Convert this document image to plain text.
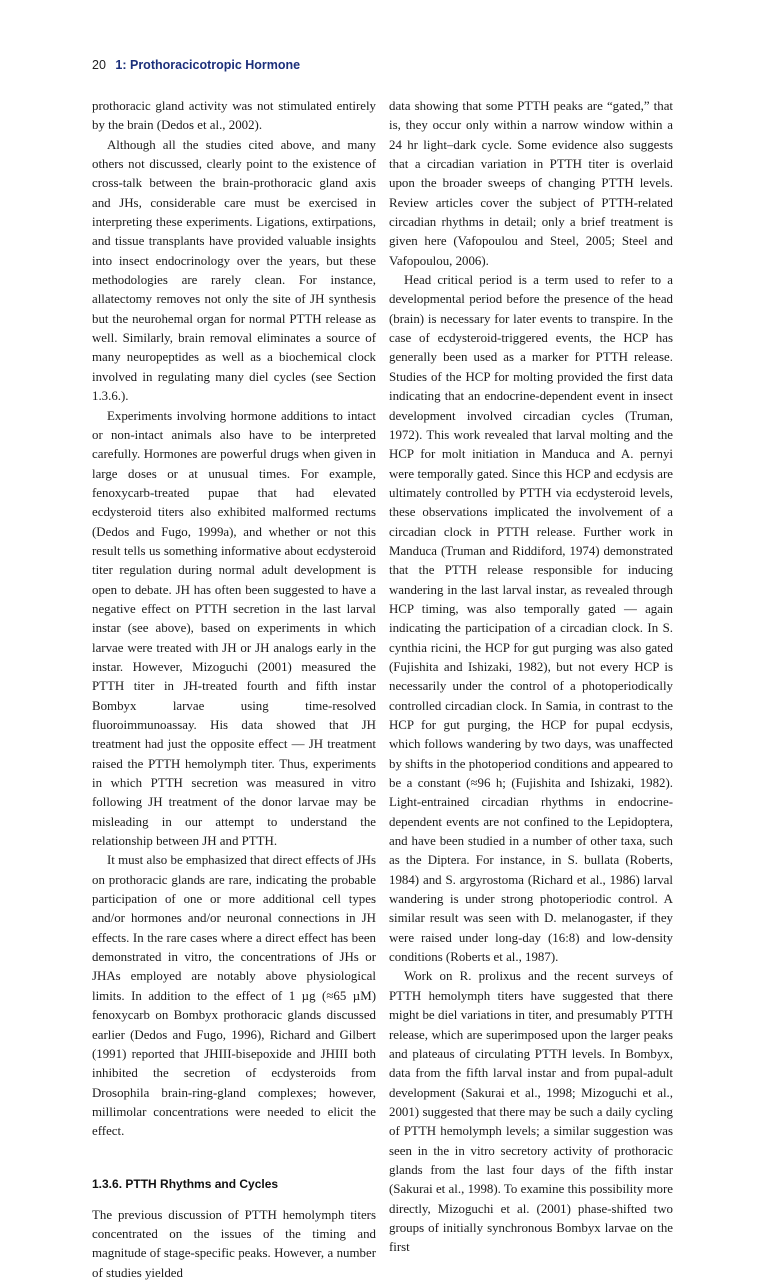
20 1: Prothoracicotropic Hormone

prothoracic gland activity was not stimulated entirely by the brain (Dedos et al., 2002).

Although all the studies cited above, and many others not discussed, clearly point to the existence of cross-talk between the brain-prothoracic gland axis and JHs, considerable care must be exercised in interpreting these experiments. Ligations, extirpations, and tissue transplants have provided valuable insights into insect endocrinology over the years, but these methodologies are rarely clean. For instance, allatectomy removes not only the site of JH synthesis but the neurohemal organ for normal PTTH release as well. Similarly, brain removal eliminates a source of many neuropeptides as well as a biochemical clock involved in regulating many diel cycles (see Section 1.3.6.).

Experiments involving hormone additions to intact or non-intact animals also have to be interpreted carefully. Hormones are powerful drugs when given in large doses or at unusual times. For example, fenoxycarb-treated pupae that had elevated ecdysteroid titers also exhibited malformed rectums (Dedos and Fugo, 1999a), and whether or not this result tells us something informative about ecdysteroid titer regulation during normal adult development is open to debate. JH has often been suggested to have a negative effect on PTTH secretion in the last larval instar (see above), based on experiments in which larvae were treated with JH or JH analogs early in the instar. However, Mizoguchi (2001) measured the PTTH titer in JH-treated fourth and fifth instar Bombyx larvae using time-resolved fluoroimmunoassay. His data showed that JH treatment had just the opposite effect — JH treatment raised the PTTH hemolymph titer. Thus, experiments in which PTTH secretion was measured in vitro following JH treatment of the donor larvae may be misleading in our attempt to understand the relationship between JH and PTTH.

It must also be emphasized that direct effects of JHs on prothoracic glands are rare, indicating the probable participation of one or more additional cell types and/or hormones and/or neuronal connections in JH effects. In the rare cases where a direct effect has been demonstrated in vitro, the concentrations of JHs or JHAs employed are notably above physiological limits. In addition to the effect of 1 µg (≈65 µM) fenoxycarb on Bombyx prothoracic glands discussed earlier (Dedos and Fugo, 1996), Richard and Gilbert (1991) reported that JHIII-bisepoxide and JHIII both inhibited the secretion of ecdysteroids from Drosophila brain-ring-gland complexes; however, millimolar concentrations were needed to elicit the effect.

1.3.6. PTTH Rhythms and Cycles

The previous discussion of PTTH hemolymph titers concentrated on the issues of the timing and magnitude of stage-specific peaks. However, a number of studies yielded

data showing that some PTTH peaks are “gated,” that is, they occur only within a narrow window within a 24 hr light–dark cycle. Some evidence also suggests that a circadian variation in PTTH titer is overlaid upon the broader sweeps of changing PTTH levels. Review articles cover the subject of PTTH-related circadian rhythms in detail; only a brief treatment is given here (Vafopoulou and Steel, 2005; Steel and Vafopoulou, 2006).

Head critical period is a term used to refer to a developmental period before the presence of the head (brain) is necessary for later events to transpire. In the case of ecdysteroid-triggered events, the HCP has generally been used as a marker for PTTH release. Studies of the HCP for molting provided the first data indicating that an endocrine-dependent event in insect development involved circadian cycles (Truman, 1972). This work revealed that larval molting and the HCP for molt initiation in Manduca and A. pernyi were temporally gated. Since this HCP and ecdysis are ultimately controlled by PTTH via ecdysteroid levels, these observations implicated the involvement of a circadian clock in PTTH release. Further work in Manduca (Truman and Riddiford, 1974) demonstrated that the PTTH release responsible for inducing wandering in the last larval instar, as revealed through HCP timing, was also temporally gated — again indicating the participation of a circadian clock. In S. cynthia ricini, the HCP for gut purging was also gated (Fujishita and Ishizaki, 1982), but not every HCP is necessarily under the control of a photoperiodically controlled circadian clock. In Samia, in contrast to the HCP for gut purging, the HCP for pupal ecdysis, which follows wandering by two days, was unaffected by shifts in the photoperiod conditions and appeared to be a constant (≈96 h; (Fujishita and Ishizaki, 1982). Light-entrained circadian rhythms in endocrine-dependent events are not confined to the Lepidoptera, and have been studied in a number of other taxa, such as the Diptera. For instance, in S. bullata (Roberts, 1984) and S. argyrostoma (Richard et al., 1986) larval wandering is under strong photoperiodic control. A similar result was seen with D. melanogaster, if they were raised under long-day (16:8) and low-density conditions (Roberts et al., 1987).

Work on R. prolixus and the recent surveys of PTTH hemolymph titers have suggested that there might be diel variations in titer, and presumably PTTH release, which are superimposed upon the larger peaks and plateaus of circulating PTTH levels. In Bombyx, data from the fifth larval instar and from pupal-adult development (Sakurai et al., 1998; Mizoguchi et al., 2001) suggested that there may be such a daily cycling of PTTH hemolymph levels; a similar suggestion was seen in the in vitro secretory activity of prothoracic glands from the last four days of the fifth instar (Sakurai et al., 1998). To examine this possibility more directly, Mizoguchi et al. (2001) phase-shifted two groups of initially synchronous Bombyx larvae on the first
